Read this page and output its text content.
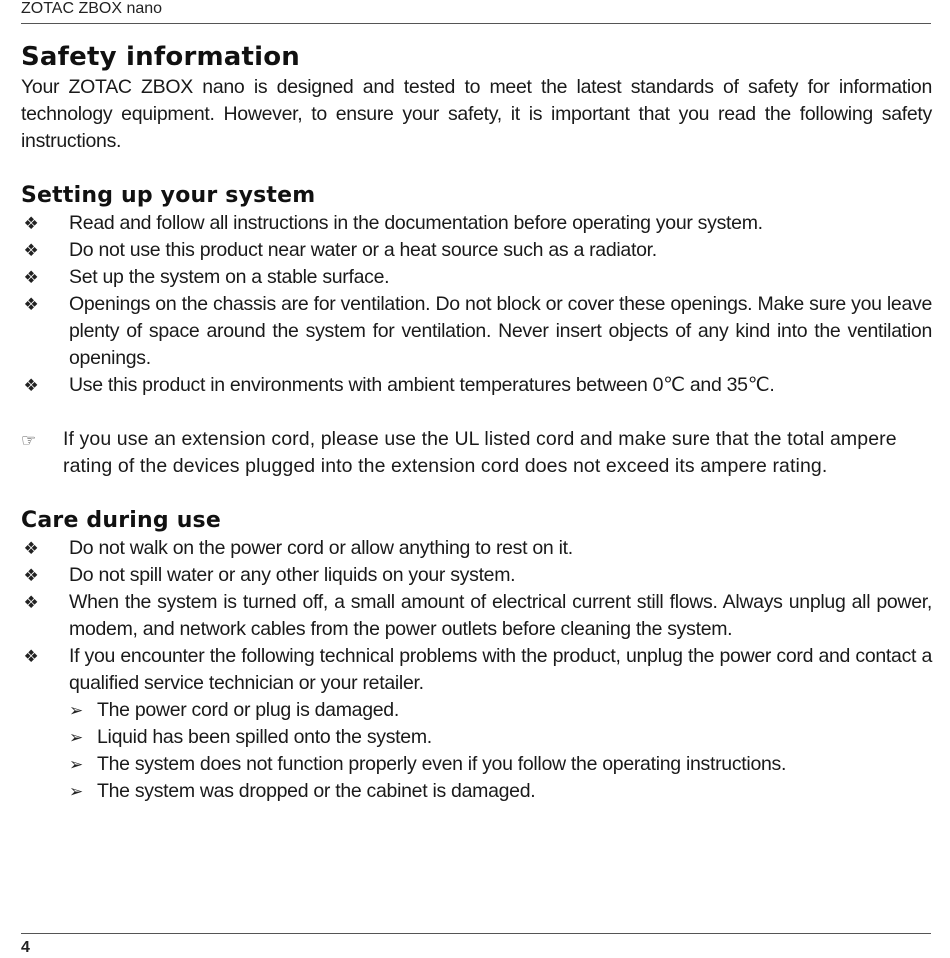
ZOTAC ZBOX nano
Safety information

Your ZOTAC ZBOX nano is designed and tested to meet the latest standards of safety for information technology equipment. However, to ensure your safety, it is important that you read the following safety instructions.

Setting up your system
❖ Read and follow all instructions in the documentation before operating your system.
❖ Do not use this product near water or a heat source such as a radiator.
❖ Set up the system on a stable surface.
❖ Openings on the chassis are for ventilation. Do not block or cover these openings. Make sure you leave plenty of space around the system for ventilation. Never insert objects of any kind into the ventilation openings.
❖ Use this product in environments with ambient temperatures between 0℃ and 35℃.
☞ If you use an extension cord, please use the UL listed cord and make sure that the total ampere rating of the devices plugged into the extension cord does not exceed its ampere rating.
Care during use
❖ Do not walk on the power cord or allow anything to rest on it.
❖ Do not spill water or any other liquids on your system.
❖ When the system is turned off, a small amount of electrical current still flows. Always unplug all power, modem, and network cables from the power outlets before cleaning the system.
❖ If you encounter the following technical problems with the product, unplug the power cord and contact a qualified service technician or your retailer.
➢ The power cord or plug is damaged.
➢ Liquid has been spilled onto the system.
➢ The system does not function properly even if you follow the operating instructions.
➢ The system was dropped or the cabinet is damaged.
4
